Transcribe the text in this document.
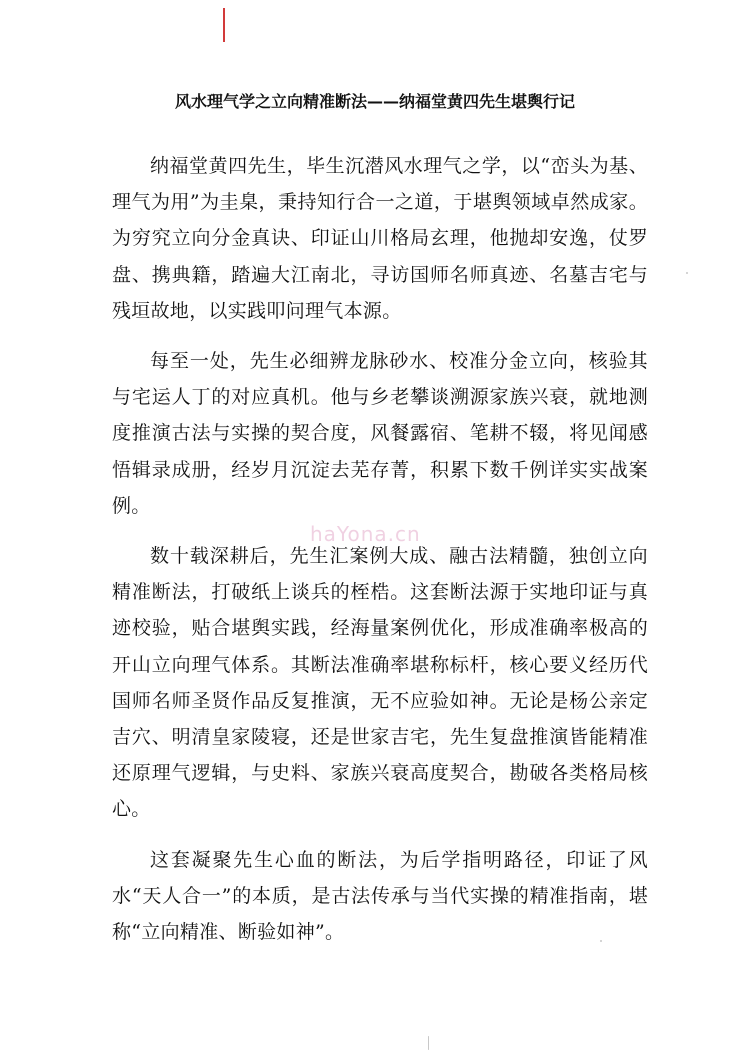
风水理气学之立向精准断法——纳福堂黄四先生堪舆行记

纳福堂黄四先生，毕生沉潜风水理气之学，以“峦头为基、理气为用”为圭臬，秉持知行合一之道，于堪舆领域卓然成家。为穷究立向分金真诀、印证山川格局玄理，他抛却安逸，仗罗盘、携典籍，踏遍大江南北，寻访国师名师真迹、名墓吉宅与残垣故地，以实践叩问理气本源。

每至一处，先生必细辨龙脉砂水、校准分金立向，核验其与宅运人丁的对应真机。他与乡老攀谈溯源家族兴衰，就地测度推演古法与实操的契合度，风餐露宿、笔耕不辍，将见闻感悟辑录成册，经岁月沉淀去芜存菁，积累下数千例详实实战案例。

数十载深耕后，先生汇案例大成、融古法精髓，独创立向精准断法，打破纸上谈兵的桎梏。这套断法源于实地印证与真迹校验，贴合堪舆实践，经海量案例优化，形成准确率极高的开山立向理气体系。其断法准确率堪称标杆，核心要义经历代国师名师圣贤作品反复推演，无不应验如神。无论是杨公亲定吉穴、明清皇家陵寝，还是世家吉宅，先生复盘推演皆能精准还原理气逻辑，与史料、家族兴衰高度契合，勘破各类格局核心。

这套凝聚先生心血的断法，为后学指明路径，印证了风水“天人合一”的本质，是古法传承与当代实操的精准指南，堪称“立向精准、断验如神”。

haYona.cn
